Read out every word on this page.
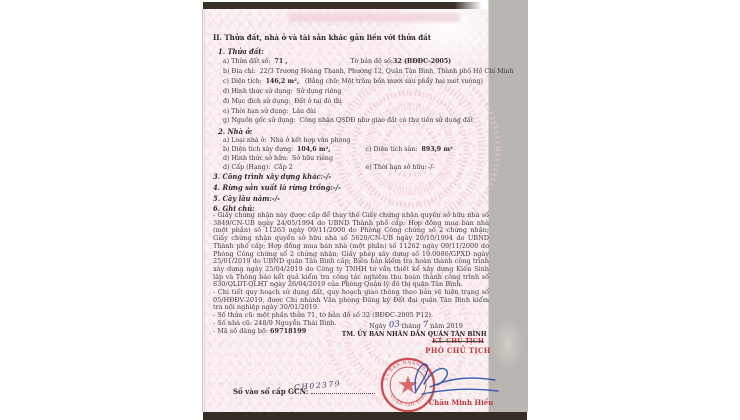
II. Thửa đất, nhà ở và tài sản khác gắn liền với thửa đất
1. Thửa đất:
a) Thửa đất số: 71 ,	Tờ bản đồ số: 32 (BĐĐC-2005)
b) Địa chỉ: 22/3 Trương Hoàng Thanh, Phường 12, Quận Tân Bình, Thành phố Hồ Chí Minh
c) Diện tích: 146,2 m², (Bằng chữ: Một trăm bốn mươi sáu phẩy hai mét vuông)
d) Hình thức sử dụng: Sử dụng riêng
đ) Mục đích sử dụng: Đất ở tại đô thị
e) Thời hạn sử dụng: Lâu dài
g) Nguồn gốc sử dụng: Công nhận QSDĐ như giao đất có thu tiền sử dụng đất
2. Nhà ở:
a) Loại nhà ở: Nhà ở kết hợp văn phòng
b) Diện tích xây dựng: 104,6 m²,	c) Diện tích sàn: 893,9 m²
d) Hình thức sở hữu: Sở hữu riêng
d) Cấp (Hạng): Cấp 2	e) Thời hạn sở hữu: -/-
3. Công trình xây dựng khác:-/-
4. Rừng sản xuất là rừng trồng:-/-
5. Cây lâu năm:-/-
6. Ghi chú:

- Giấy chứng nhận này được cấp để thay thế Giấy chứng nhận quyền sở hữu nhà số 3849/CN-UB ngày 24/05/1994 do UBND Thành phố cấp; Hợp đồng mua bán nhà (một phần) số 11263 ngày 09/11/2000 do Phòng Công chứng số 2 chứng nhận; Giấy chứng nhận quyền sở hữu nhà số 5620/CN-UB ngày 20/10/1994 do UBND Thành phố cấp; Hợp đồng mua bán nhà (một phần) số 11262 ngày 09/11/2000 do Phòng Công chứng số 2 chứng nhận; Giấy phép xây dựng số 19.0086/GPXD ngày 25/01/2019 do UBND quận Tân Bình cấp; Biên bản kiểm tra hoàn thành công trình xây dựng ngày 25/04/2019 do Công ty TNHH tư vấn thiết kế xây dựng Kiến Sinh lập và Thông báo kết quả kiểm tra công tác nghiệm thu hoàn thành công trình số 830/QLDT-QLHT ngày 26/04/2019 của Phòng Quản lý đô thị quận Tân Bình.

- Chi tiết quy hoạch sử dụng đất, quy hoạch giao thông theo bản vẽ hiện trạng số 05/HĐĐV-2019, được Chi nhánh Văn phòng Đăng ký Đất đai quận Tân Bình kiểm tra nội nghiệp ngày 30/01/2019.

- Số thửa cũ: một phần thửa 71, tờ bản đồ số 32 (BĐĐC-2005 P12).

- Số nhà cũ: 248/9 Nguyễn Thái Bình.

- Mã số đăng bộ: 69718199

Ngày 03 tháng 7 năm 2019
TM. ỦY BAN NHÂN DÂN QUẬN TÂN BÌNH
KT. CHỦ TỊCH
PHÓ CHỦ TỊCH
ỦY BAN NHÂN DÂN
QUẬN TÂN BÌNH
Châu Minh Hiếu
Số vào sổ cấp GCN:
CH02379
